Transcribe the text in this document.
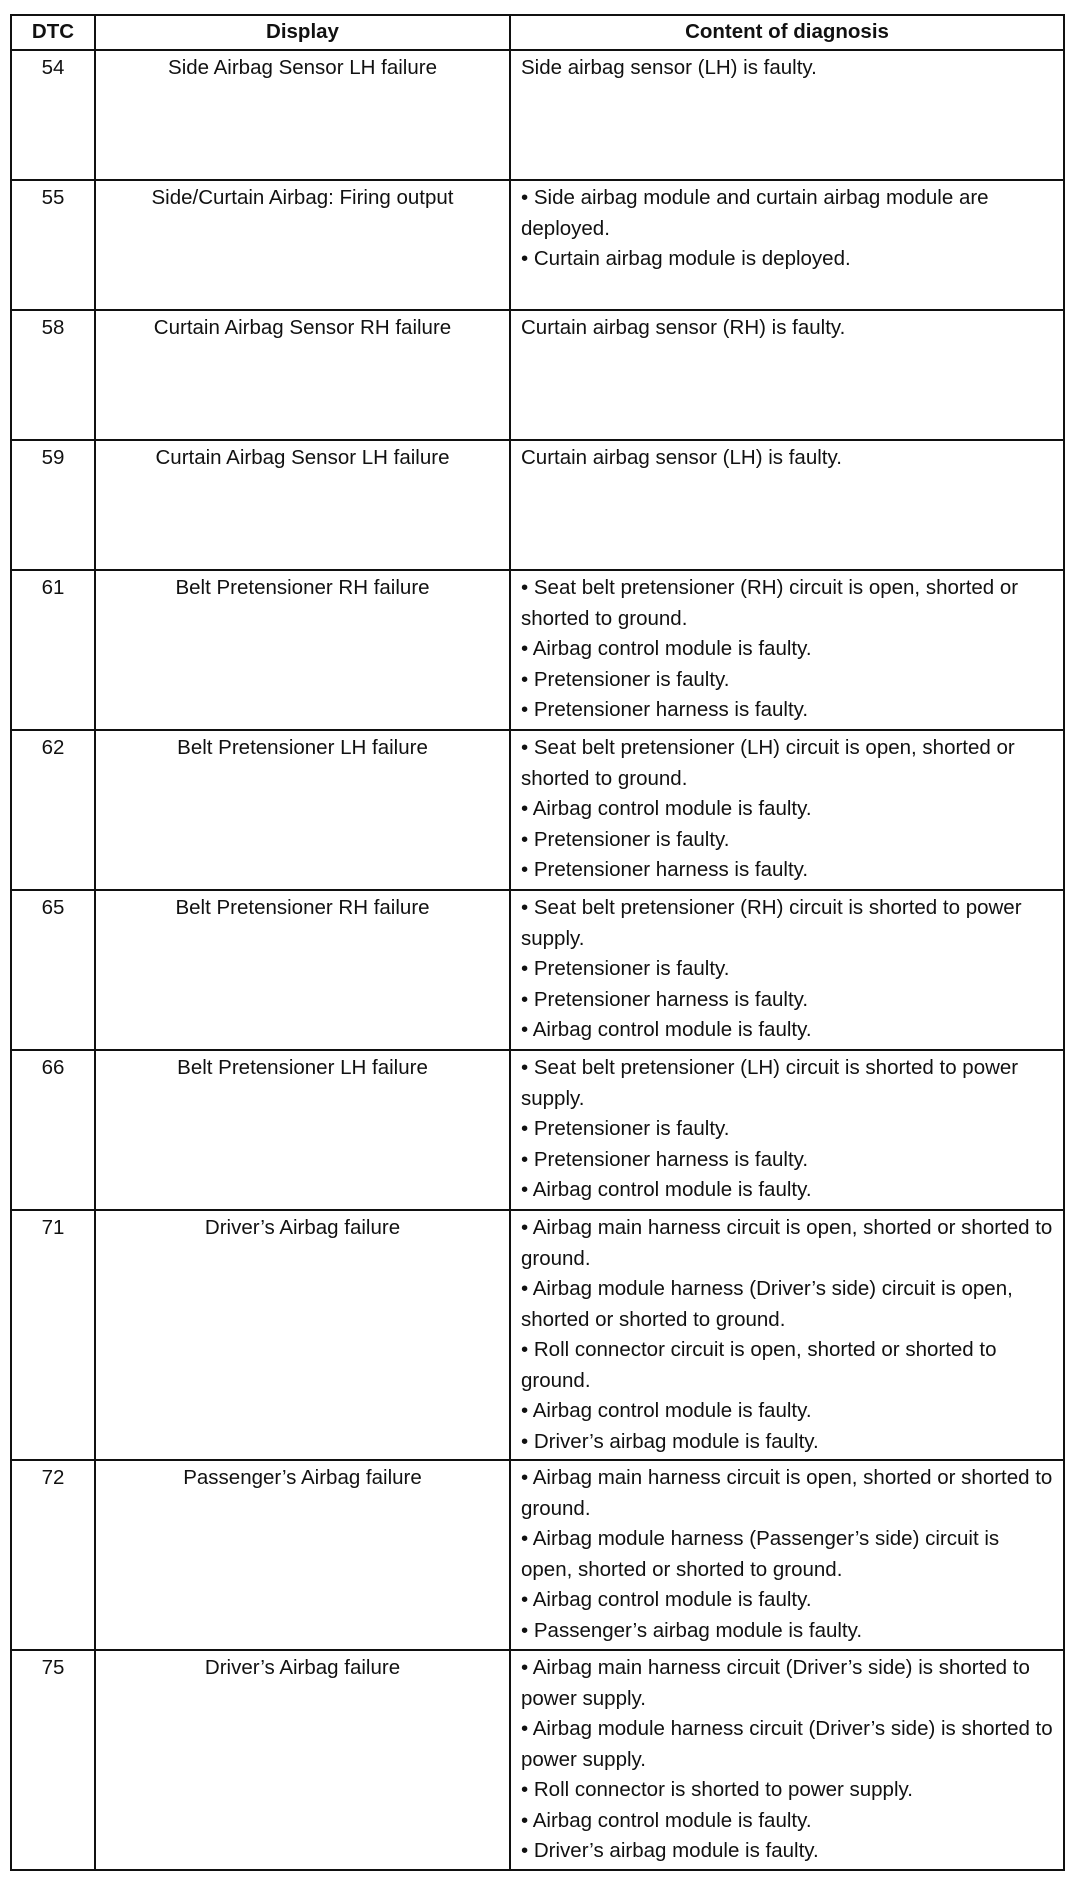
DTC	Display	Content of diagnosis
54	Side Airbag Sensor LH failure	Side airbag sensor (LH) is faulty.

55	Side/Curtain Airbag: Firing output	• Side airbag module and curtain airbag module are deployed.
• Curtain airbag module is deployed.

58	Curtain Airbag Sensor RH failure	Curtain airbag sensor (RH) is faulty.

59	Curtain Airbag Sensor LH failure	Curtain airbag sensor (LH) is faulty.

61	Belt Pretensioner RH failure	• Seat belt pretensioner (RH) circuit is open, shorted or shorted to ground.
• Airbag control module is faulty.
• Pretensioner is faulty.
• Pretensioner harness is faulty.

62	Belt Pretensioner LH failure	• Seat belt pretensioner (LH) circuit is open, shorted or shorted to ground.
• Airbag control module is faulty.
• Pretensioner is faulty.
• Pretensioner harness is faulty.

65	Belt Pretensioner RH failure	• Seat belt pretensioner (RH) circuit is shorted to power supply.
• Pretensioner is faulty.
• Pretensioner harness is faulty.
• Airbag control module is faulty.

66	Belt Pretensioner LH failure	• Seat belt pretensioner (LH) circuit is shorted to power supply.
• Pretensioner is faulty.
• Pretensioner harness is faulty.
• Airbag control module is faulty.

71	Driver’s Airbag failure	• Airbag main harness circuit is open, shorted or shorted to ground.
• Airbag module harness (Driver’s side) circuit is open, shorted or shorted to ground.
• Roll connector circuit is open, shorted or shorted to ground.
• Airbag control module is faulty.
• Driver’s airbag module is faulty.

72	Passenger’s Airbag failure	• Airbag main harness circuit is open, shorted or shorted to ground.
• Airbag module harness (Passenger’s side) circuit is open, shorted or shorted to ground.
• Airbag control module is faulty.
• Passenger’s airbag module is faulty.

75	Driver’s Airbag failure	• Airbag main harness circuit (Driver’s side) is shorted to power supply.
• Airbag module harness circuit (Driver’s side) is shorted to power supply.
• Roll connector is shorted to power supply.
• Airbag control module is faulty.
• Driver’s airbag module is faulty.
